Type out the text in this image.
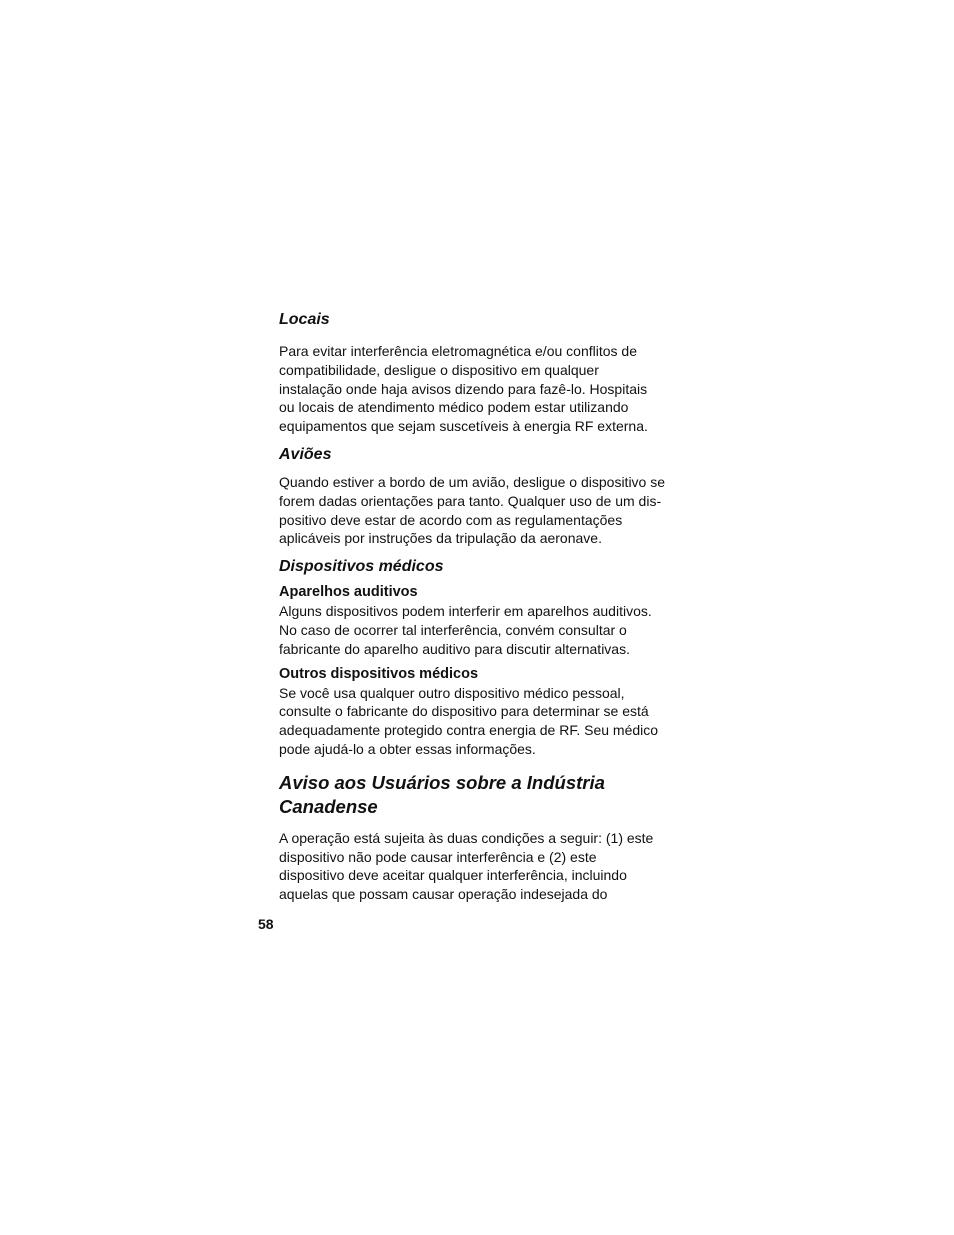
Locais

Para evitar interferência eletromagnética e/ou conflitos de
compatibilidade, desligue o dispositivo em qualquer
instalação onde haja avisos dizendo para fazê-lo. Hospitais
ou locais de atendimento médico podem estar utilizando
equipamentos que sejam suscetíveis à energia RF externa.

Aviões

Quando estiver a bordo de um avião, desligue o dispositivo se
forem dadas orientações para tanto. Qualquer uso de um dis-
positivo deve estar de acordo com as regulamentações
aplicáveis por instruções da tripulação da aeronave.

Dispositivos médicos
Aparelhos auditivos

Alguns dispositivos podem interferir em aparelhos auditivos.
No caso de ocorrer tal interferência, convém consultar o
fabricante do aparelho auditivo para discutir alternativas.

Outros dispositivos médicos

Se você usa qualquer outro dispositivo médico pessoal,
consulte o fabricante do dispositivo para determinar se está
adequadamente protegido contra energia de RF. Seu médico
pode ajudá-lo a obter essas informações.

Aviso aos Usuários sobre a Indústria
Canadense

A operação está sujeita às duas condições a seguir: (1) este
dispositivo não pode causar interferência e (2) este
dispositivo deve aceitar qualquer interferência, incluindo
aquelas que possam causar operação indesejada do

58
